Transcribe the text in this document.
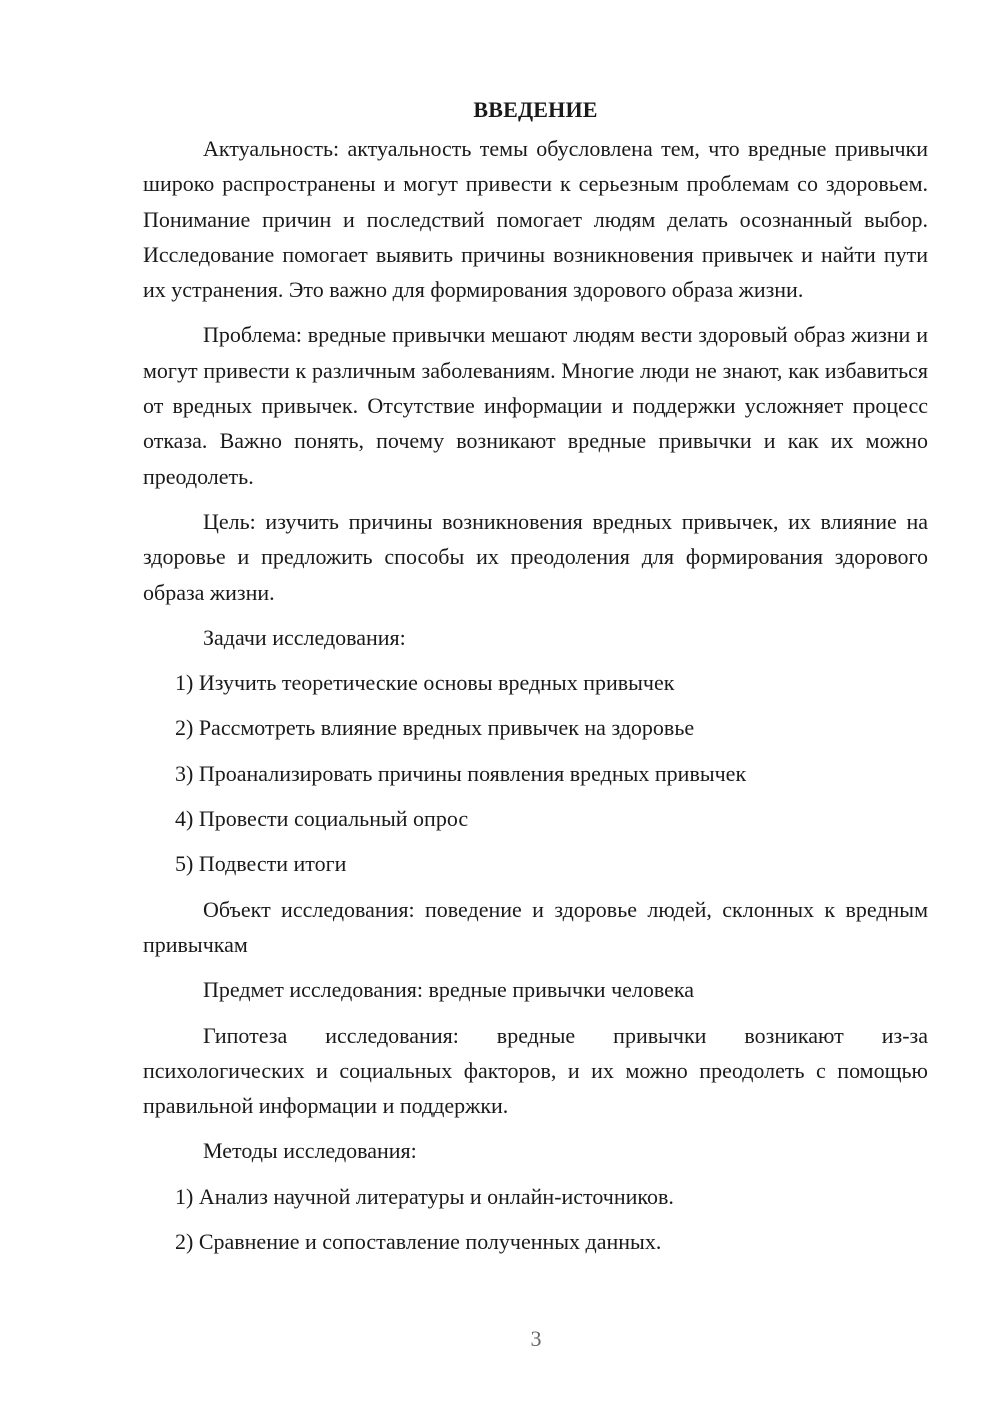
ВВЕДЕНИЕ

Актуальность: актуальность темы обусловлена тем, что вредные привычки широко распространены и могут привести к серьезным проблемам со здоровьем. Понимание причин и последствий помогает людям делать осознанный выбор. Исследование помогает выявить причины возникновения привычек и найти пути их устранения. Это важно для формирования здорового образа жизни.

Проблема: вредные привычки мешают людям вести здоровый образ жизни и могут привести к различным заболеваниям. Многие люди не знают, как избавиться от вредных привычек. Отсутствие информации и поддержки усложняет процесс отказа. Важно понять, почему возникают вредные привычки и как их можно преодолеть.

Цель: изучить причины возникновения вредных привычек, их влияние на здоровье и предложить способы их преодоления для формирования здорового образа жизни.

Задачи исследования:

1) Изучить теоретические основы вредных привычек
2) Рассмотреть влияние вредных привычек на здоровье
3) Проанализировать причины появления вредных привычек
4) Провести социальный опрос
5) Подвести итоги

Объект исследования: поведение и здоровье людей, склонных к вредным привычкам

Предмет исследования: вредные привычки человека

Гипотеза исследования: вредные привычки возникают из-за психологических и социальных факторов, и их можно преодолеть с помощью правильной информации и поддержки.

Методы исследования:

1) Анализ научной литературы и онлайн-источников.
2) Сравнение и сопоставление полученных данных.
3
